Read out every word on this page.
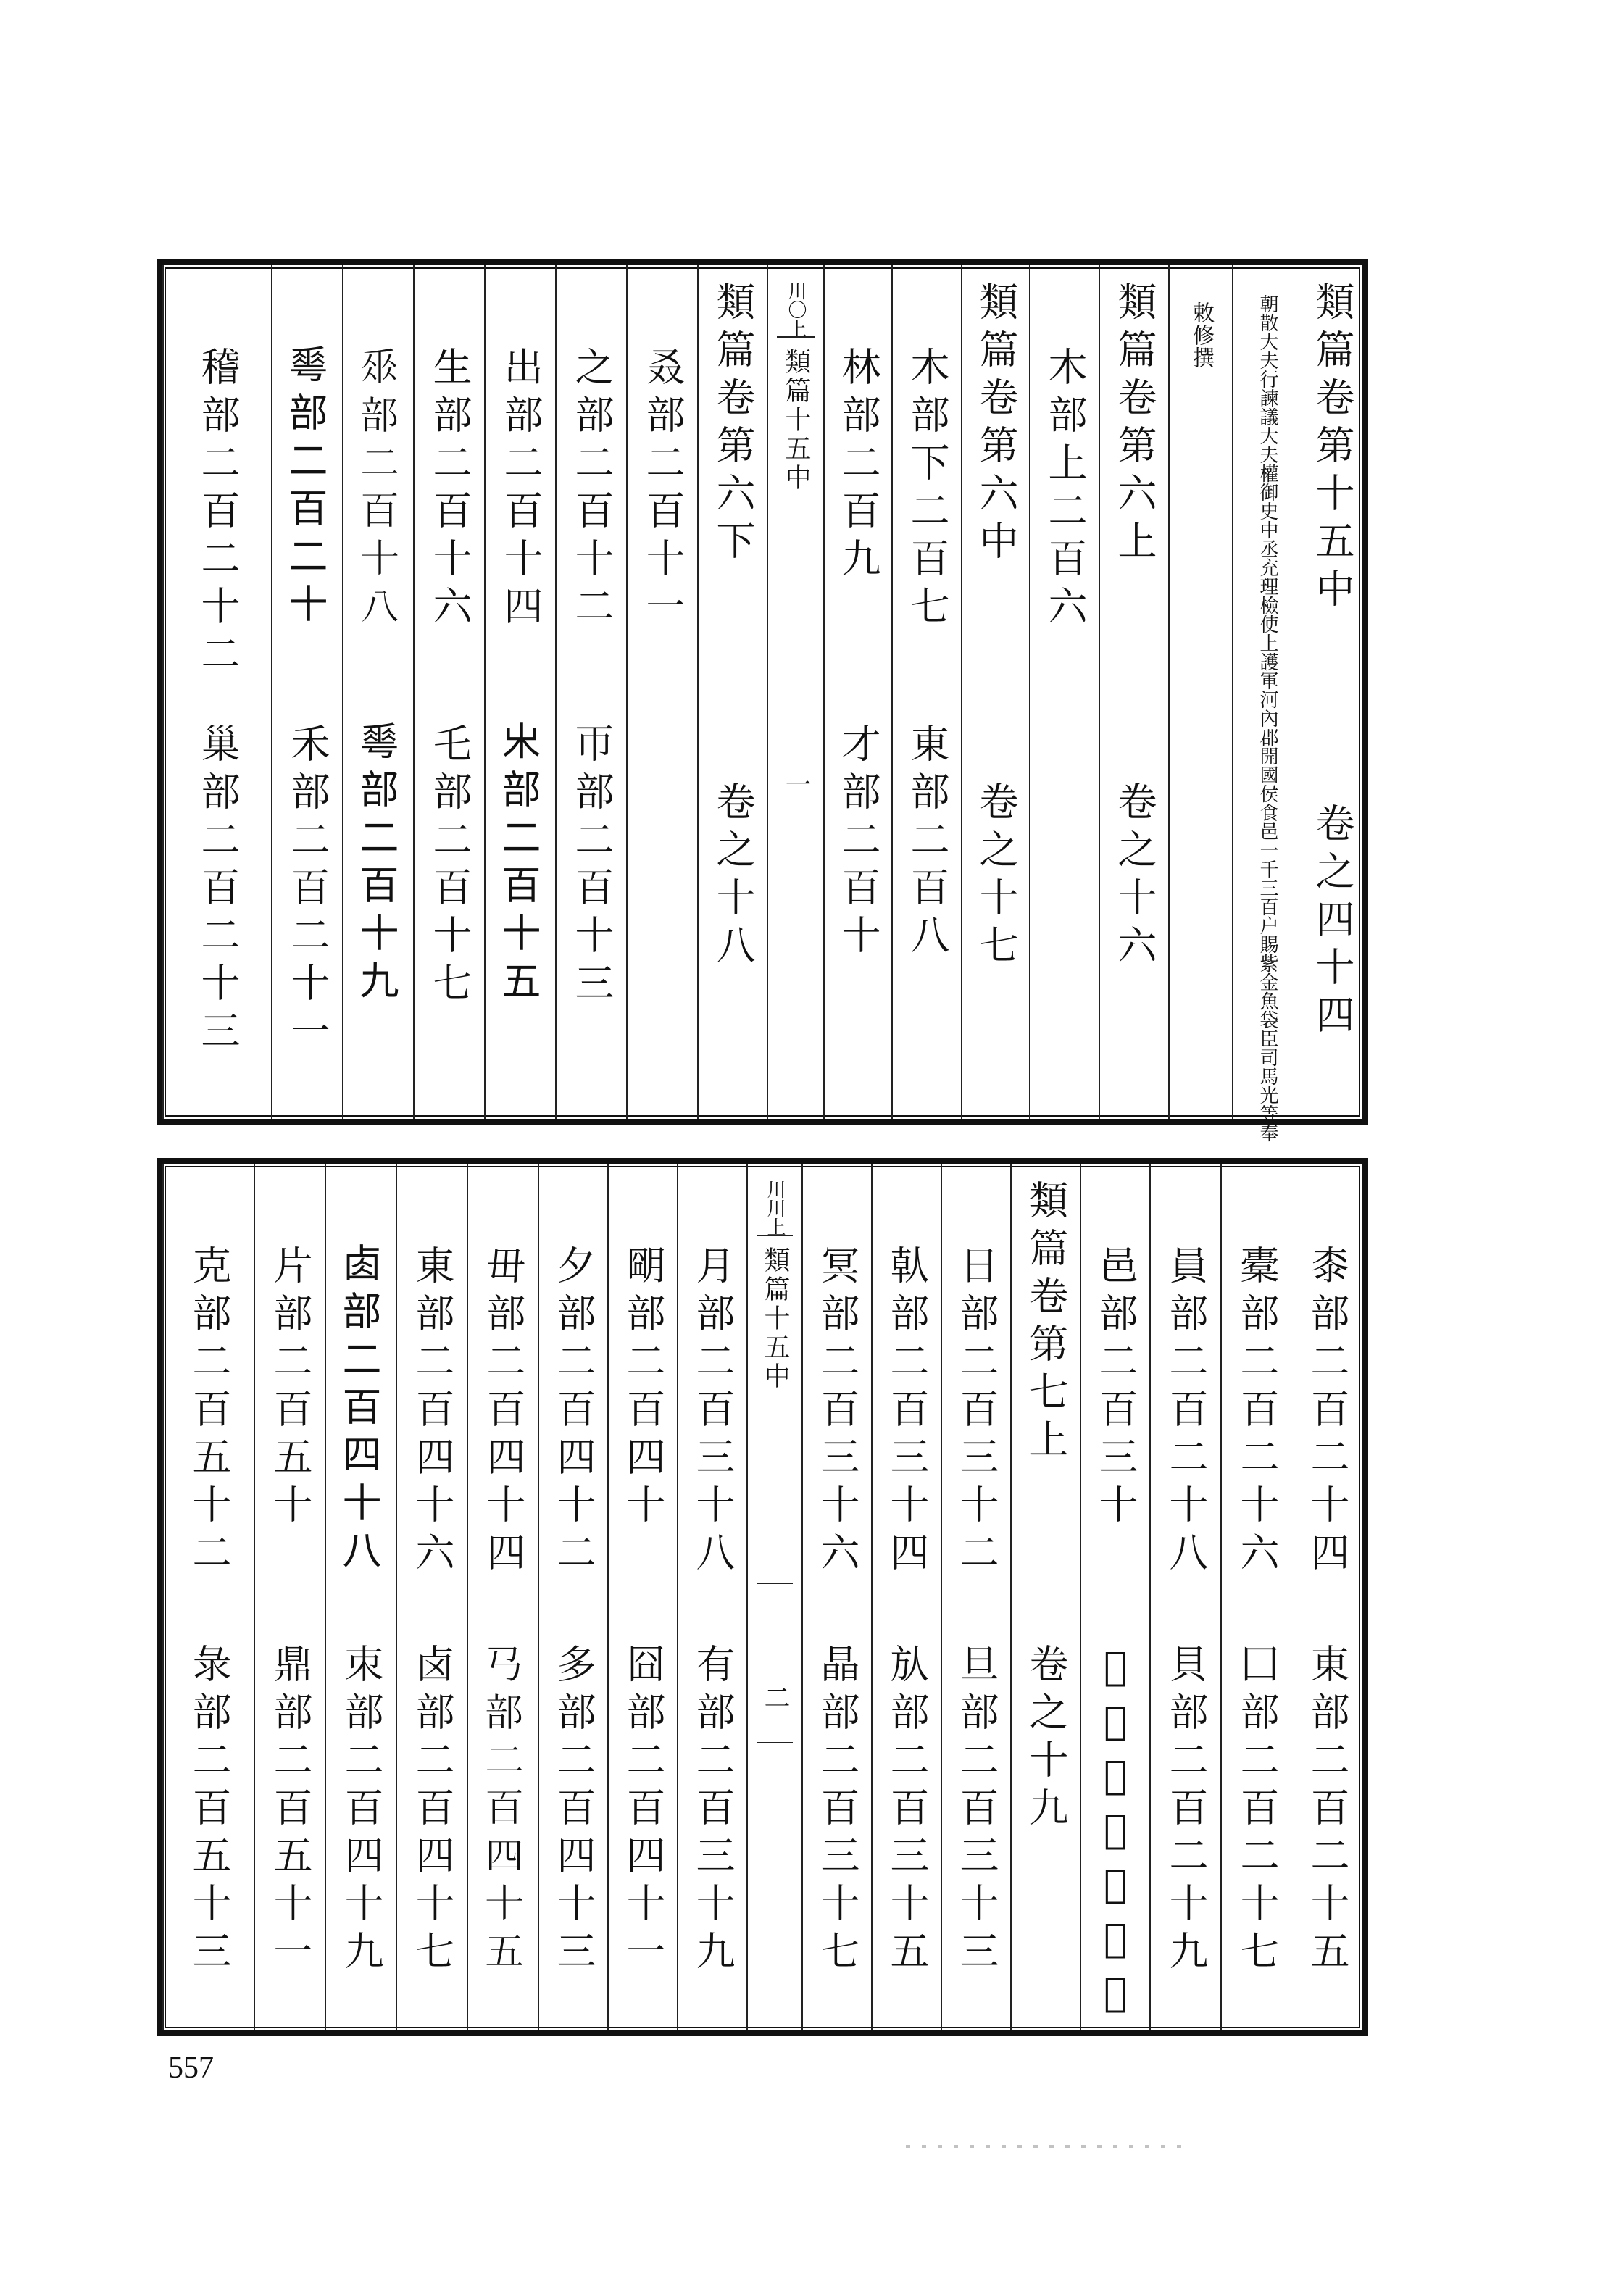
類篇卷第十五中
卷之四十四
朝散大夫行諫議大夫權御史中丞充理檢使上護軍河內郡開國侯食邑一千三百户賜紫金魚袋臣司馬光等奉
敕修撰
類篇卷第六上
卷之十六
木部上二百六
類篇卷第六中
卷之十七
木部下二百七
東部二百八
林部二百九
才部二百十
川〇上
類篇十五中
一
類篇卷第六下
卷之十八
叒部二百十一
之部二百十二
帀部二百十三
出部二百十四
𣎵部二百十五
生部二百十六
乇部二百十七
𠂹部二百十八
𠌶部二百十九
𠌶部二百二十
禾部二百二十一
稽部二百二十二
巢部二百二十三
桼部二百二十四
東部二百二十五
橐部二百二十六
囗部二百二十七
員部二百二十八
貝部二百二十九
邑部二百三十
𨛜部二百三十一
類篇卷第七上
卷之十九
日部二百三十二
旦部二百三十三
倝部二百三十四
㫃部二百三十五
冥部二百三十六
晶部二百三十七
川川上
類篇十五中
二
月部二百三十八
有部二百三十九
朙部二百四十
囧部二百四十一
夕部二百四十二
多部二百四十三
毌部二百四十四
𢎘部二百四十五
東部二百四十六
卤部二百四十七
𠧪部二百四十八
朿部二百四十九
片部二百五十
鼎部二百五十一
克部二百五十二
彔部二百五十三
557
